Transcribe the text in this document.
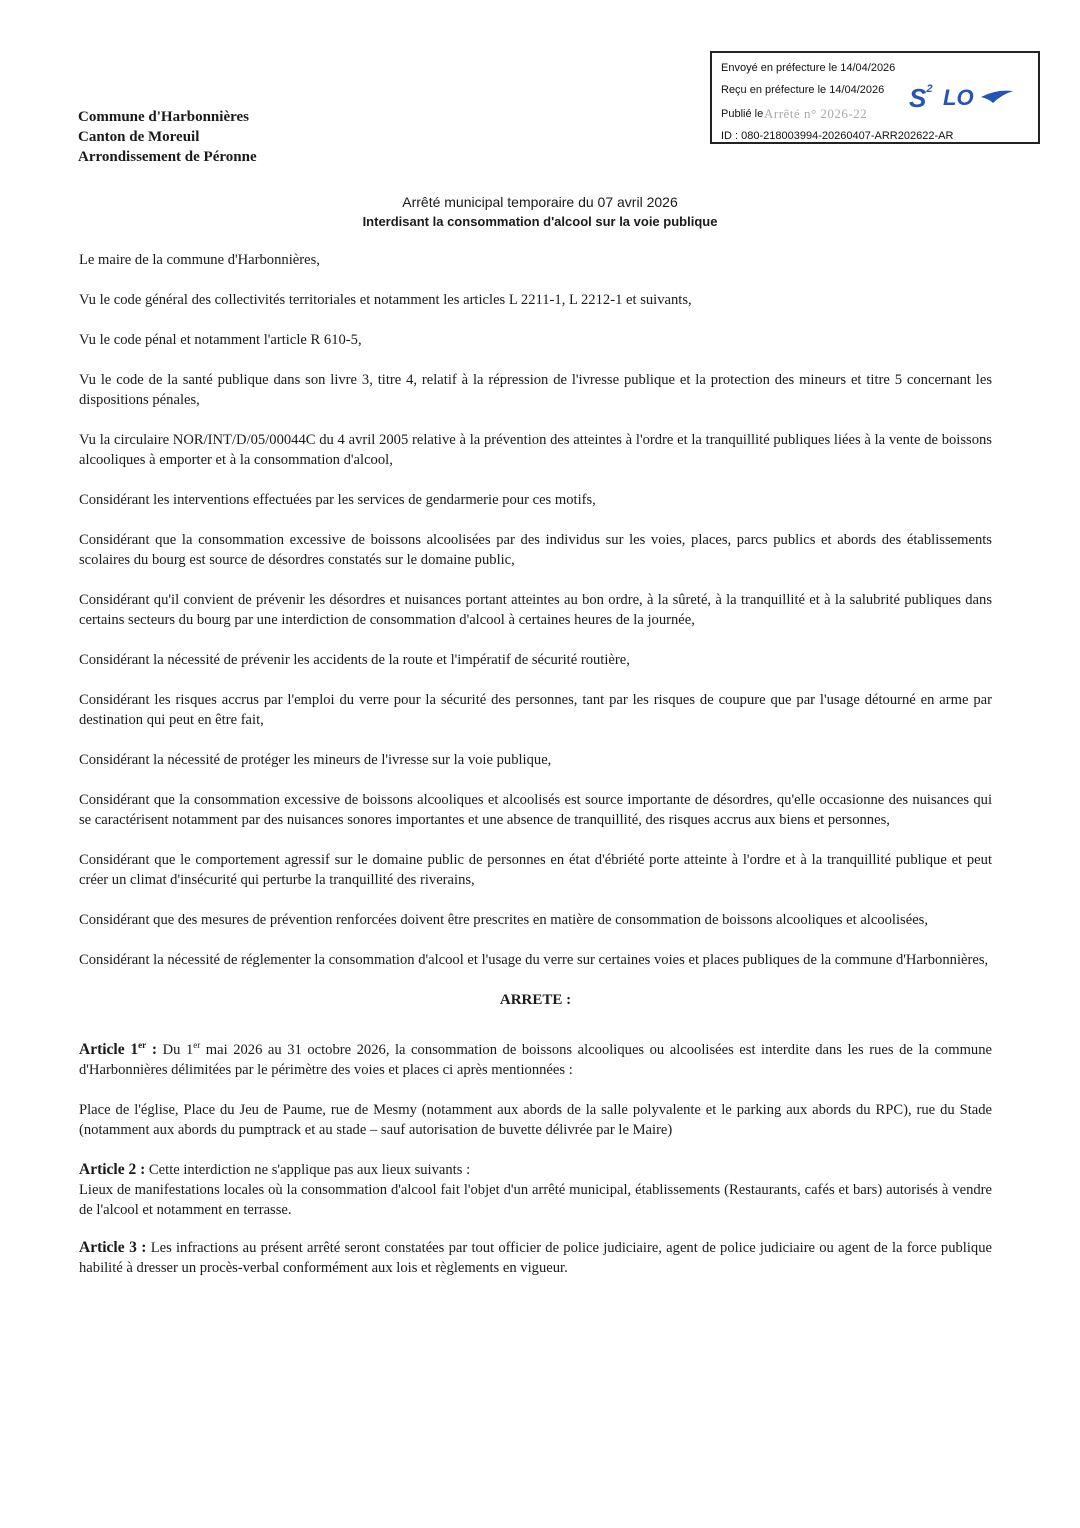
Envoyé en préfecture le 14/04/2026
Reçu en préfecture le 14/04/2026
Publié le Arrêté n° 2026-22
ID : 080-218003994-20260407-ARR202622-AR
LO
$S^2$
Commune d'Harbonnières
Canton de Moreuil
Arrondissement de Péronne
Arrêté municipal temporaire du 07 avril 2026
Interdisant la consommation d'alcool sur la voie publique

Le maire de la commune d'Harbonnières,

Vu le code général des collectivités territoriales et notamment les articles L 2211-1, L 2212-1 et suivants,

Vu le code pénal et notamment l'article R 610-5,

Vu le code de la santé publique dans son livre 3, titre 4, relatif à la répression de l'ivresse publique et la protection des mineurs et titre 5 concernant les dispositions pénales,

Vu la circulaire NOR/INT/D/05/00044C du 4 avril 2005 relative à la prévention des atteintes à l'ordre et la tranquillité publiques liées à la vente de boissons alcooliques à emporter et à la consommation d'alcool,

Considérant les interventions effectuées par les services de gendarmerie pour ces motifs,

Considérant que la consommation excessive de boissons alcoolisées par des individus sur les voies, places, parcs publics et abords des établissements scolaires du bourg est source de désordres constatés sur le domaine public,

Considérant qu'il convient de prévenir les désordres et nuisances portant atteintes au bon ordre, à la sûreté, à la tranquillité et à la salubrité publiques dans certains secteurs du bourg par une interdiction de consommation d'alcool à certaines heures de la journée,

Considérant la nécessité de prévenir les accidents de la route et l'impératif de sécurité routière,

Considérant les risques accrus par l'emploi du verre pour la sécurité des personnes, tant par les risques de coupure que par l'usage détourné en arme par destination qui peut en être fait,

Considérant la nécessité de protéger les mineurs de l'ivresse sur la voie publique,

Considérant que la consommation excessive de boissons alcooliques et alcoolisés est source importante de désordres, qu'elle occasionne des nuisances qui se caractérisent notamment par des nuisances sonores importantes et une absence de tranquillité, des risques accrus aux biens et personnes,

Considérant que le comportement agressif sur le domaine public de personnes en état d'ébriété porte atteinte à l'ordre et à la tranquillité publique et peut créer un climat d'insécurité qui perturbe la tranquillité des riverains,

Considérant que des mesures de prévention renforcées doivent être prescrites en matière de consommation de boissons alcooliques et alcoolisées,

Considérant la nécessité de réglementer la consommation d'alcool et l'usage du verre sur certaines voies et places publiques de la commune d'Harbonnières,

ARRETE :

Article 1er : Du 1er mai 2026 au 31 octobre 2026, la consommation de boissons alcooliques ou alcoolisées est interdite dans les rues de la commune d'Harbonnières délimitées par le périmètre des voies et places ci après mentionnées :

Place de l'église, Place du Jeu de Paume, rue de Mesmy (notamment aux abords de la salle polyvalente et le parking aux abords du RPC), rue du Stade (notamment aux abords du pumptrack et au stade – sauf autorisation de buvette délivrée par le Maire)

Article 2 : Cette interdiction ne s'applique pas aux lieux suivants :
Lieux de manifestations locales où la consommation d'alcool fait l'objet d'un arrêté municipal, établissements (Restaurants, cafés et bars) autorisés à vendre de l'alcool et notamment en terrasse.

Article 3 : Les infractions au présent arrêté seront constatées par tout officier de police judiciaire, agent de police judiciaire ou agent de la force publique habilité à dresser un procès-verbal conformément aux lois et règlements en vigueur.
